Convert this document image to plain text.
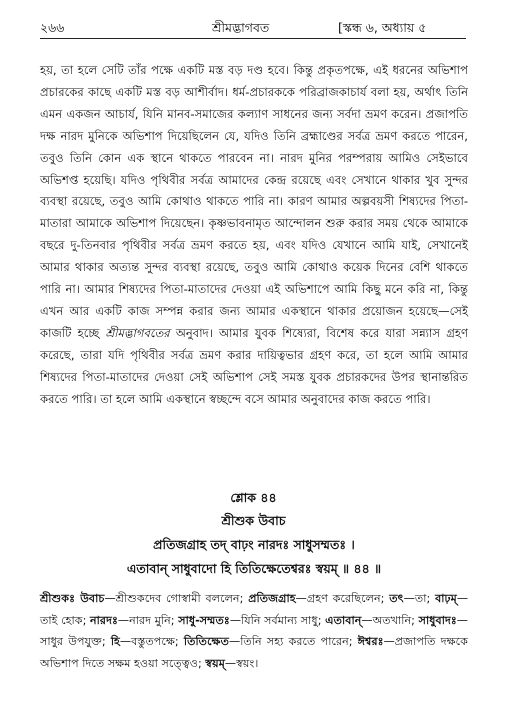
২৬৬	শ্রীমদ্ভাগবত	[স্কন্ধ ৬, অধ্যায় ৫

হয়, তা হলে সেটি তাঁর পক্ষে একটি মস্ত বড় দণ্ড হবে। কিন্তু প্রকৃতপক্ষে, এই ধরনের অভিশাপ প্রচারকের কাছে একটি মস্ত বড় আশীর্বাদ। ধর্ম-প্রচারককে পরিব্রাজকাচার্য বলা হয়, অর্থাৎ তিনি এমন একজন আচার্য, যিনি মানব-সমাজের কল্যাণ সাধনের জন্য সর্বদা ভ্রমণ করেন। প্রজাপতি দক্ষ নারদ মুনিকে অভিশাপ দিয়েছিলেন যে, যদিও তিনি ব্রহ্মাণ্ডের সর্বত্র ভ্রমণ করতে পারেন, তবুও তিনি কোন এক স্থানে থাকতে পারবেন না। নারদ মুনির পরম্পরায় আমিও সেইভাবে অভিশপ্ত হয়েছি। যদিও পৃথিবীর সর্বত্র আমাদের কেন্দ্র রয়েছে এবং সেখানে থাকার খুব সুন্দর ব্যবস্থা রয়েছে, তবুও আমি কোথাও থাকতে পারি না। কারণ আমার অল্পবয়সী শিষ্যদের পিতা-মাতারা আমাকে অভিশাপ দিয়েছেন। কৃষ্ণভাবনামৃত আন্দোলন শুরু করার সময় থেকে আমাকে বছরে দু-তিনবার পৃথিবীর সর্বত্র ভ্রমণ করতে হয়, এবং যদিও যেখানে আমি যাই, সেখানেই আমার থাকার অত্যন্ত সুন্দর ব্যবস্থা রয়েছে, তবুও আমি কোথাও কয়েক দিনের বেশি থাকতে পারি না। আমার শিষ্যদের পিতা-মাতাদের দেওয়া এই অভিশাপে আমি কিছু মনে করি না, কিন্তু এখন আর একটি কাজ সম্পন্ন করার জন্য আমার একস্থানে থাকার প্রয়োজন হয়েছে—সেই কাজটি হচ্ছে শ্রীমদ্ভাগবতের অনুবাদ। আমার যুবক শিষ্যেরা, বিশেষ করে যারা সন্ন্যাস গ্রহণ করেছে, তারা যদি পৃথিবীর সর্বত্র ভ্রমণ করার দায়িত্বভার গ্রহণ করে, তা হলে আমি আমার শিষ্যদের পিতা-মাতাদের দেওয়া সেই অভিশাপ সেই সমস্ত যুবক প্রচারকদের উপর স্থানান্তরিত করতে পারি। তা হলে আমি একস্থানে স্বচ্ছন্দে বসে আমার অনুবাদের কাজ করতে পারি।

শ্লোক ৪৪
শ্রীশুক উবাচ
প্রতিজগ্রাহ তদ্ বাঢ়ং নারদঃ সাধুসম্মতঃ ।
এতাবান্ সাধুবাদো হি তিতিক্ষেতেশ্বরঃ স্বয়ম্ ॥ ৪৪ ॥

শ্রীশুকঃ উবাচ—শ্রীশুকদেব গোস্বামী বললেন; প্রতিজগ্রাহ—গ্রহণ করেছিলেন; তৎ—তা; বাঢ়ম্—তাই হোক; নারদঃ—নারদ মুনি; সাধু-সম্মতঃ—যিনি সর্বমান্য সাধু; এতাবান্—অতখানি; সাধুবাদঃ—সাধুর উপযুক্ত; হি—বস্তুতপক্ষে; তিতিক্ষেত—তিনি সহ্য করতে পারেন; ঈশ্বরঃ—প্রজাপতি দক্ষকে অভিশাপ দিতে সক্ষম হওয়া সত্ত্বেও; স্বয়ম্—স্বয়ং।
